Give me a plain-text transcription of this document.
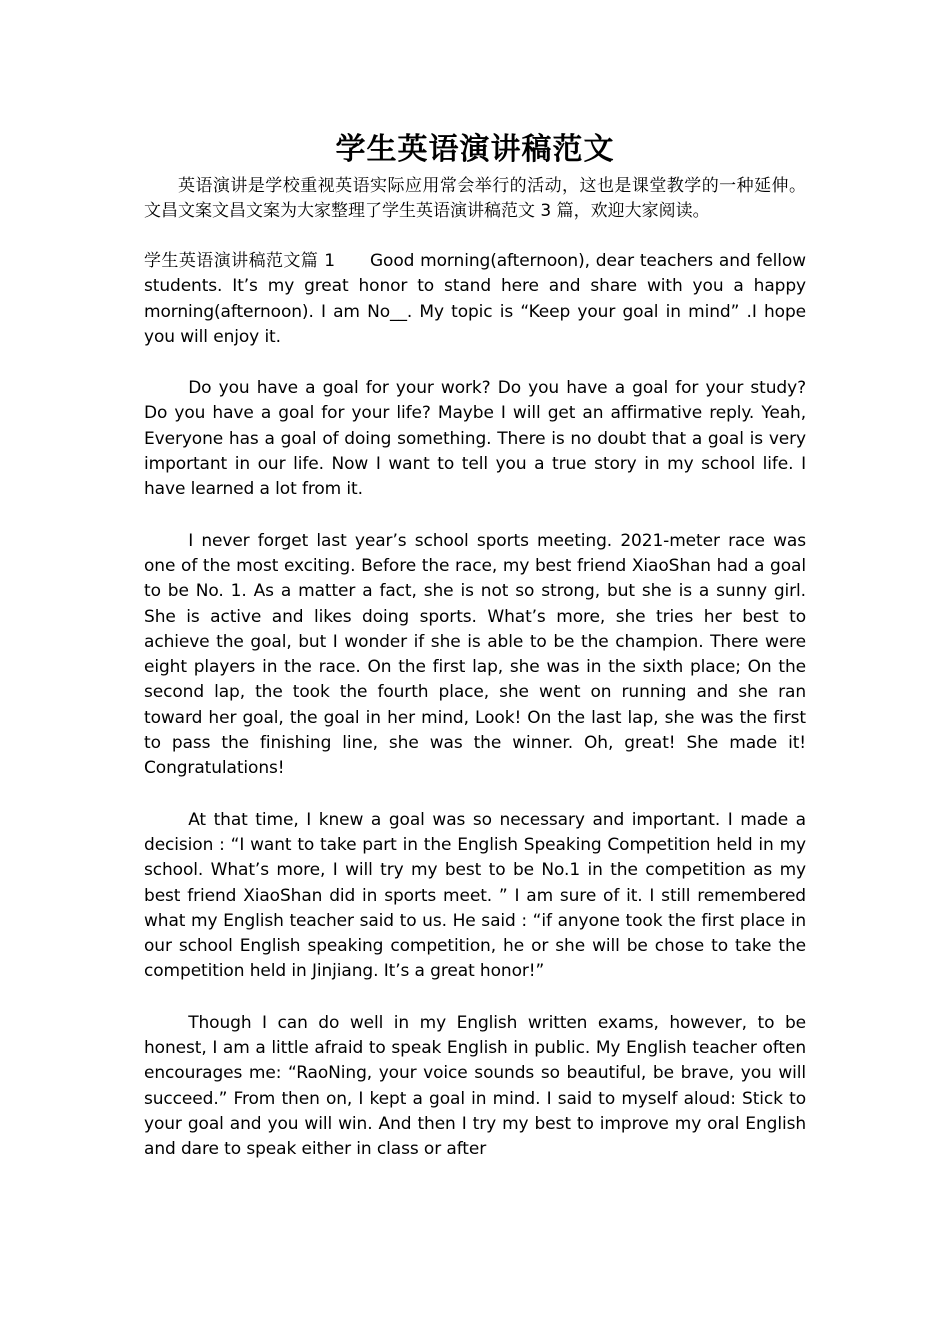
学生英语演讲稿范文

英语演讲是学校重视英语实际应用常会举行的活动，这也是课堂教学的一种延伸。文昌文案文昌文案为大家整理了学生英语演讲稿范文 3 篇，欢迎大家阅读。

学生英语演讲稿范文篇 1 Good morning(afternoon), dear teachers and fellow students. It’s my great honor to stand here and share with you a happy morning(afternoon). I am No__. My topic is “Keep your goal in mind” .I hope you will enjoy it.

Do you have a goal for your work? Do you have a goal for your study? Do you have a goal for your life? Maybe I will get an affirmative reply. Yeah, Everyone has a goal of doing something. There is no doubt that a goal is very important in our life. Now I want to tell you a true story in my school life. I have learned a lot from it.

I never forget last year’s school sports meeting. 2021-meter race was one of the most exciting. Before the race, my best friend XiaoShan had a goal to be No. 1. As a matter a fact, she is not so strong, but she is a sunny girl. She is active and likes doing sports. What’s more, she tries her best to achieve the goal, but I wonder if she is able to be the champion. There were eight players in the race. On the first lap, she was in the sixth place; On the second lap, the took the fourth place, she went on running and she ran toward her goal, the goal in her mind, Look! On the last lap, she was the first to pass the finishing line, she was the winner. Oh, great! She made it! Congratulations!

At that time, I knew a goal was so necessary and important. I made a decision : “I want to take part in the English Speaking Competition held in my school. What’s more, I will try my best to be No.1 in the competition as my best friend XiaoShan did in sports meet. ” I am sure of it. I still remembered what my English teacher said to us. He said : “if anyone took the first place in our school English speaking competition, he or she will be chose to take the competition held in Jinjiang. It’s a great honor!”

Though I can do well in my English written exams, however, to be honest, I am a little afraid to speak English in public. My English teacher often encourages me: “RaoNing, your voice sounds so beautiful, be brave, you will succeed.” From then on, I kept a goal in mind. I said to myself aloud: Stick to your goal and you will win. And then I try my best to improve my oral English and dare to speak either in class or after
